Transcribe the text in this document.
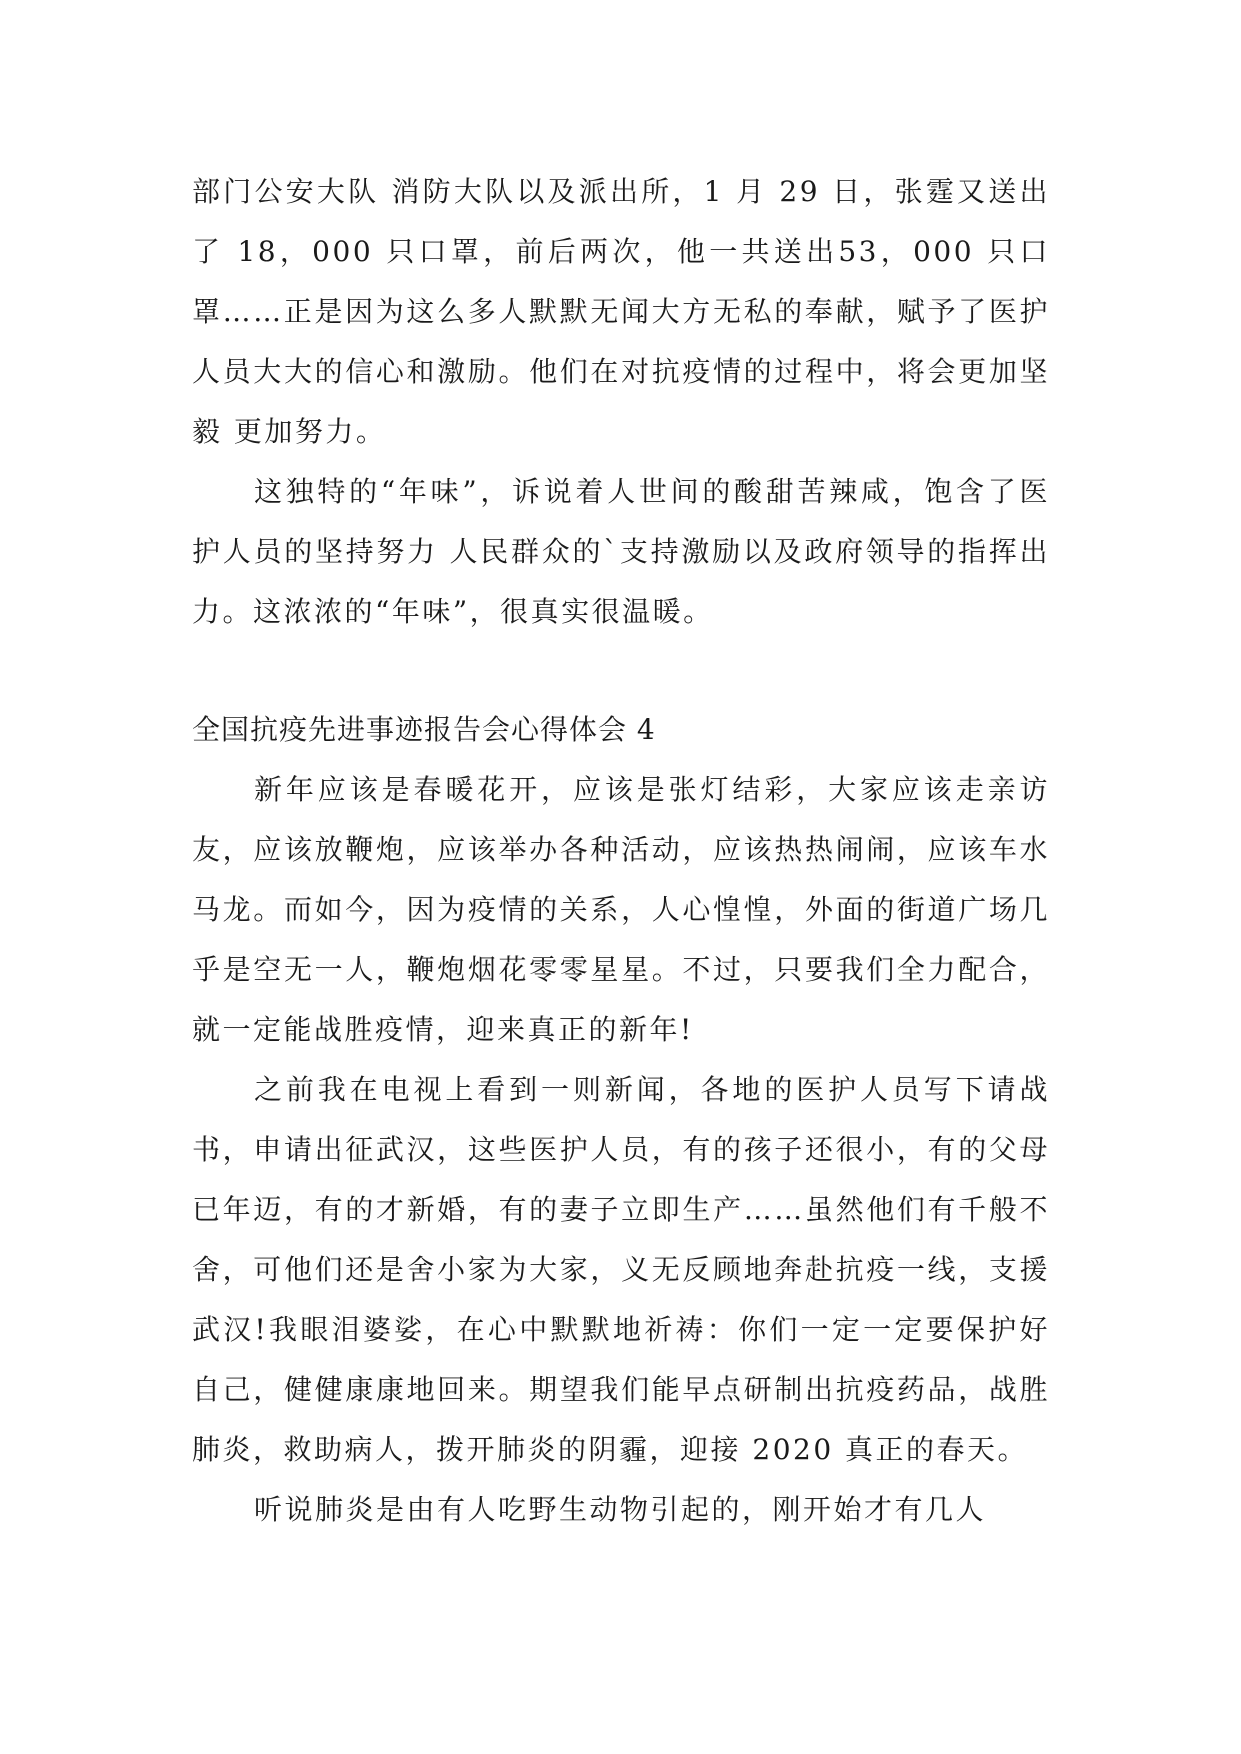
部门公安大队 消防大队以及派出所，1 月 29 日，张霆又送出了 18，000 只口罩，前后两次，他一共送出53，000 只口罩……正是因为这么多人默默无闻大方无私的奉献，赋予了医护人员大大的信心和激励。他们在对抗疫情的过程中，将会更加坚毅 更加努力。

这独特的“年味”，诉说着人世间的酸甜苦辣咸，饱含了医护人员的坚持努力 人民群众的`支持激励以及政府领导的指挥出力。这浓浓的“年味”，很真实很温暖。

全国抗疫先进事迹报告会心得体会 4

新年应该是春暖花开，应该是张灯结彩，大家应该走亲访友，应该放鞭炮，应该举办各种活动，应该热热闹闹，应该车水马龙。而如今，因为疫情的关系，人心惶惶，外面的街道广场几乎是空无一人，鞭炮烟花零零星星。不过，只要我们全力配合，就一定能战胜疫情，迎来真正的新年!

之前我在电视上看到一则新闻，各地的医护人员写下请战书，申请出征武汉，这些医护人员，有的孩子还很小，有的父母已年迈，有的才新婚，有的妻子立即生产……虽然他们有千般不舍，可他们还是舍小家为大家，义无反顾地奔赴抗疫一线，支援武汉!我眼泪婆娑，在心中默默地祈祷：你们一定一定要保护好自己，健健康康地回来。期望我们能早点研制出抗疫药品，战胜肺炎，救助病人，拨开肺炎的阴霾，迎接 2020 真正的春天。

听说肺炎是由有人吃野生动物引起的，刚开始才有几人
